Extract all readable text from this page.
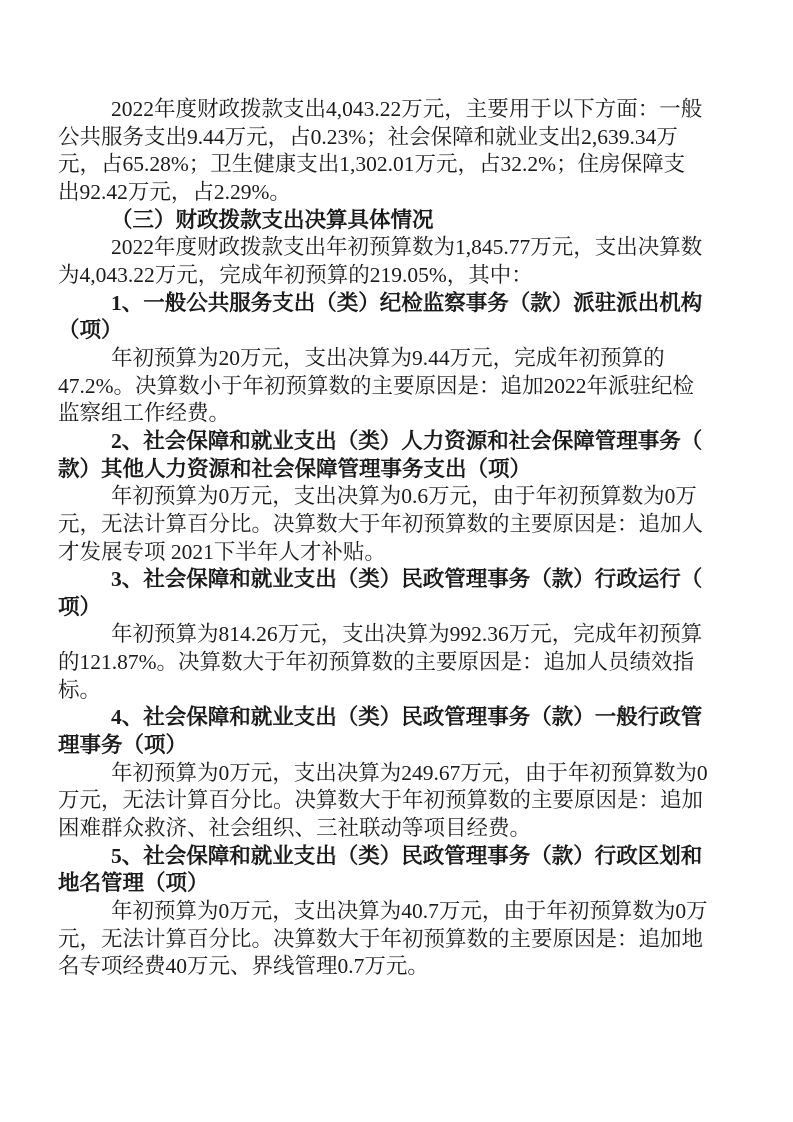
2022年度财政拨款支出4,043.22万元，主要用于以下方面：一般
公共服务支出9.44万元，占0.23%；社会保障和就业支出2,639.34万
元，占65.28%；卫生健康支出1,302.01万元，占32.2%；住房保障支
出92.42万元，占2.29%。
（三）财政拨款支出决算具体情况
2022年度财政拨款支出年初预算数为1,845.77万元，支出决算数
为4,043.22万元，完成年初预算的219.05%，其中：
1、一般公共服务支出（类）纪检监察事务（款）派驻派出机构
（项）
年初预算为20万元，支出决算为9.44万元，完成年初预算的
47.2%。决算数小于年初预算数的主要原因是：追加2022年派驻纪检
监察组工作经费。
2、社会保障和就业支出（类）人力资源和社会保障管理事务（
款）其他人力资源和社会保障管理事务支出（项）
年初预算为0万元，支出决算为0.6万元，由于年初预算数为0万
元，无法计算百分比。决算数大于年初预算数的主要原因是：追加人
才发展专项 2021下半年人才补贴。
3、社会保障和就业支出（类）民政管理事务（款）行政运行（
项）
年初预算为814.26万元，支出决算为992.36万元，完成年初预算
的121.87%。决算数大于年初预算数的主要原因是：追加人员绩效指
标。
4、社会保障和就业支出（类）民政管理事务（款）一般行政管
理事务（项）
年初预算为0万元，支出决算为249.67万元，由于年初预算数为0
万元，无法计算百分比。决算数大于年初预算数的主要原因是：追加
困难群众救济、社会组织、三社联动等项目经费。
5、社会保障和就业支出（类）民政管理事务（款）行政区划和
地名管理（项）
年初预算为0万元，支出决算为40.7万元，由于年初预算数为0万
元，无法计算百分比。决算数大于年初预算数的主要原因是：追加地
名专项经费40万元、界线管理0.7万元。
